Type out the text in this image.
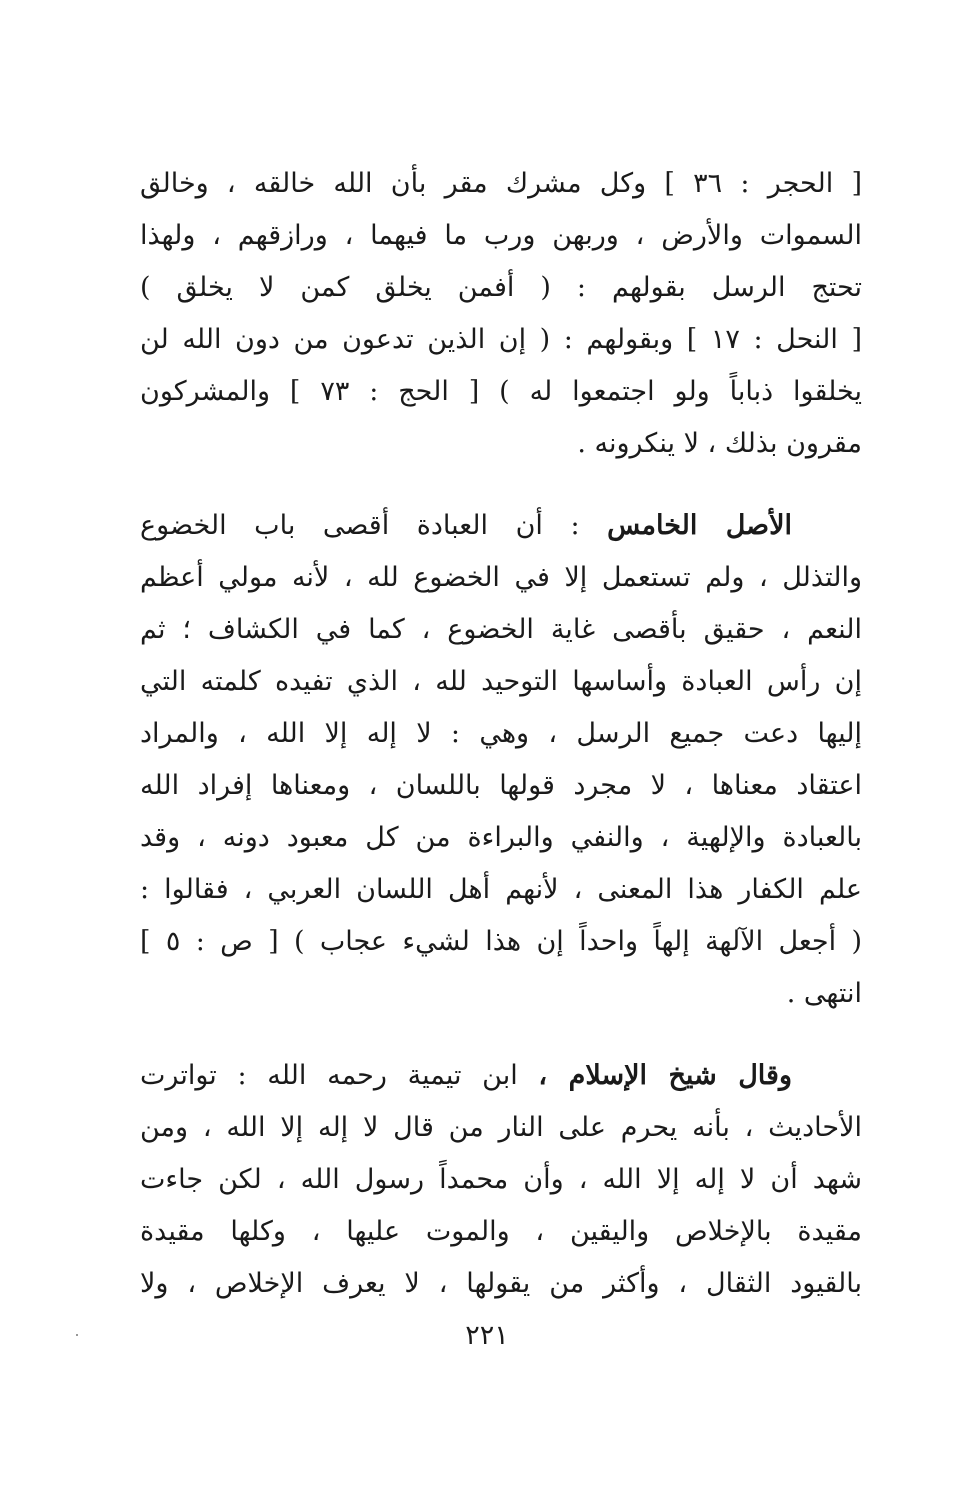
[ الحجر : ٣٦ ] وكل مشرك مقر بأن الله خالقه ، وخالق
السموات والأرض ، وربهن ورب ما فيهما ، ورازقهم ، ولهذا
تحتج الرسل بقولهم : ( أفمن يخلق كمن لا يخلق )
[ النحل : ١٧ ] وبقولهم : ( إن الذين تدعون من دون الله لن
يخلقوا ذباباً ولو اجتمعوا له ) [ الحج : ٧٣ ] والمشركون
مقرون بذلك ، لا ينكرونه .
الأصل الخامس : أن العبادة أقصى باب الخضوع
والتذلل ، ولم تستعمل إلا في الخضوع لله ، لأنه مولي أعظم
النعم ، حقيق بأقصى غاية الخضوع ، كما في الكشاف ؛ ثم
إن رأس العبادة وأساسها التوحيد لله ، الذي تفيده كلمته التي
إليها دعت جميع الرسل ، وهي : لا إله إلا الله ، والمراد
اعتقاد معناها ، لا مجرد قولها باللسان ، ومعناها إفراد الله
بالعبادة والإلهية ، والنفي والبراءة من كل معبود دونه ، وقد
علم الكفار هذا المعنى ، لأنهم أهل اللسان العربي ، فقالوا :
( أجعل الآلهة إلهاً واحداً إن هذا لشيء عجاب ) [ ص : ٥ ]
انتهى .
وقال شيخ الإسلام ، ابن تيمية رحمه الله : تواترت
الأحاديث ، بأنه يحرم على النار من قال لا إله إلا الله ، ومن
شهد أن لا إله إلا الله ، وأن محمداً رسول الله ، لكن جاءت
مقيدة بالإخلاص واليقين ، والموت عليها ، وكلها مقيدة
بالقيود الثقال ، وأكثر من يقولها ، لا يعرف الإخلاص ، ولا
٢٢١
